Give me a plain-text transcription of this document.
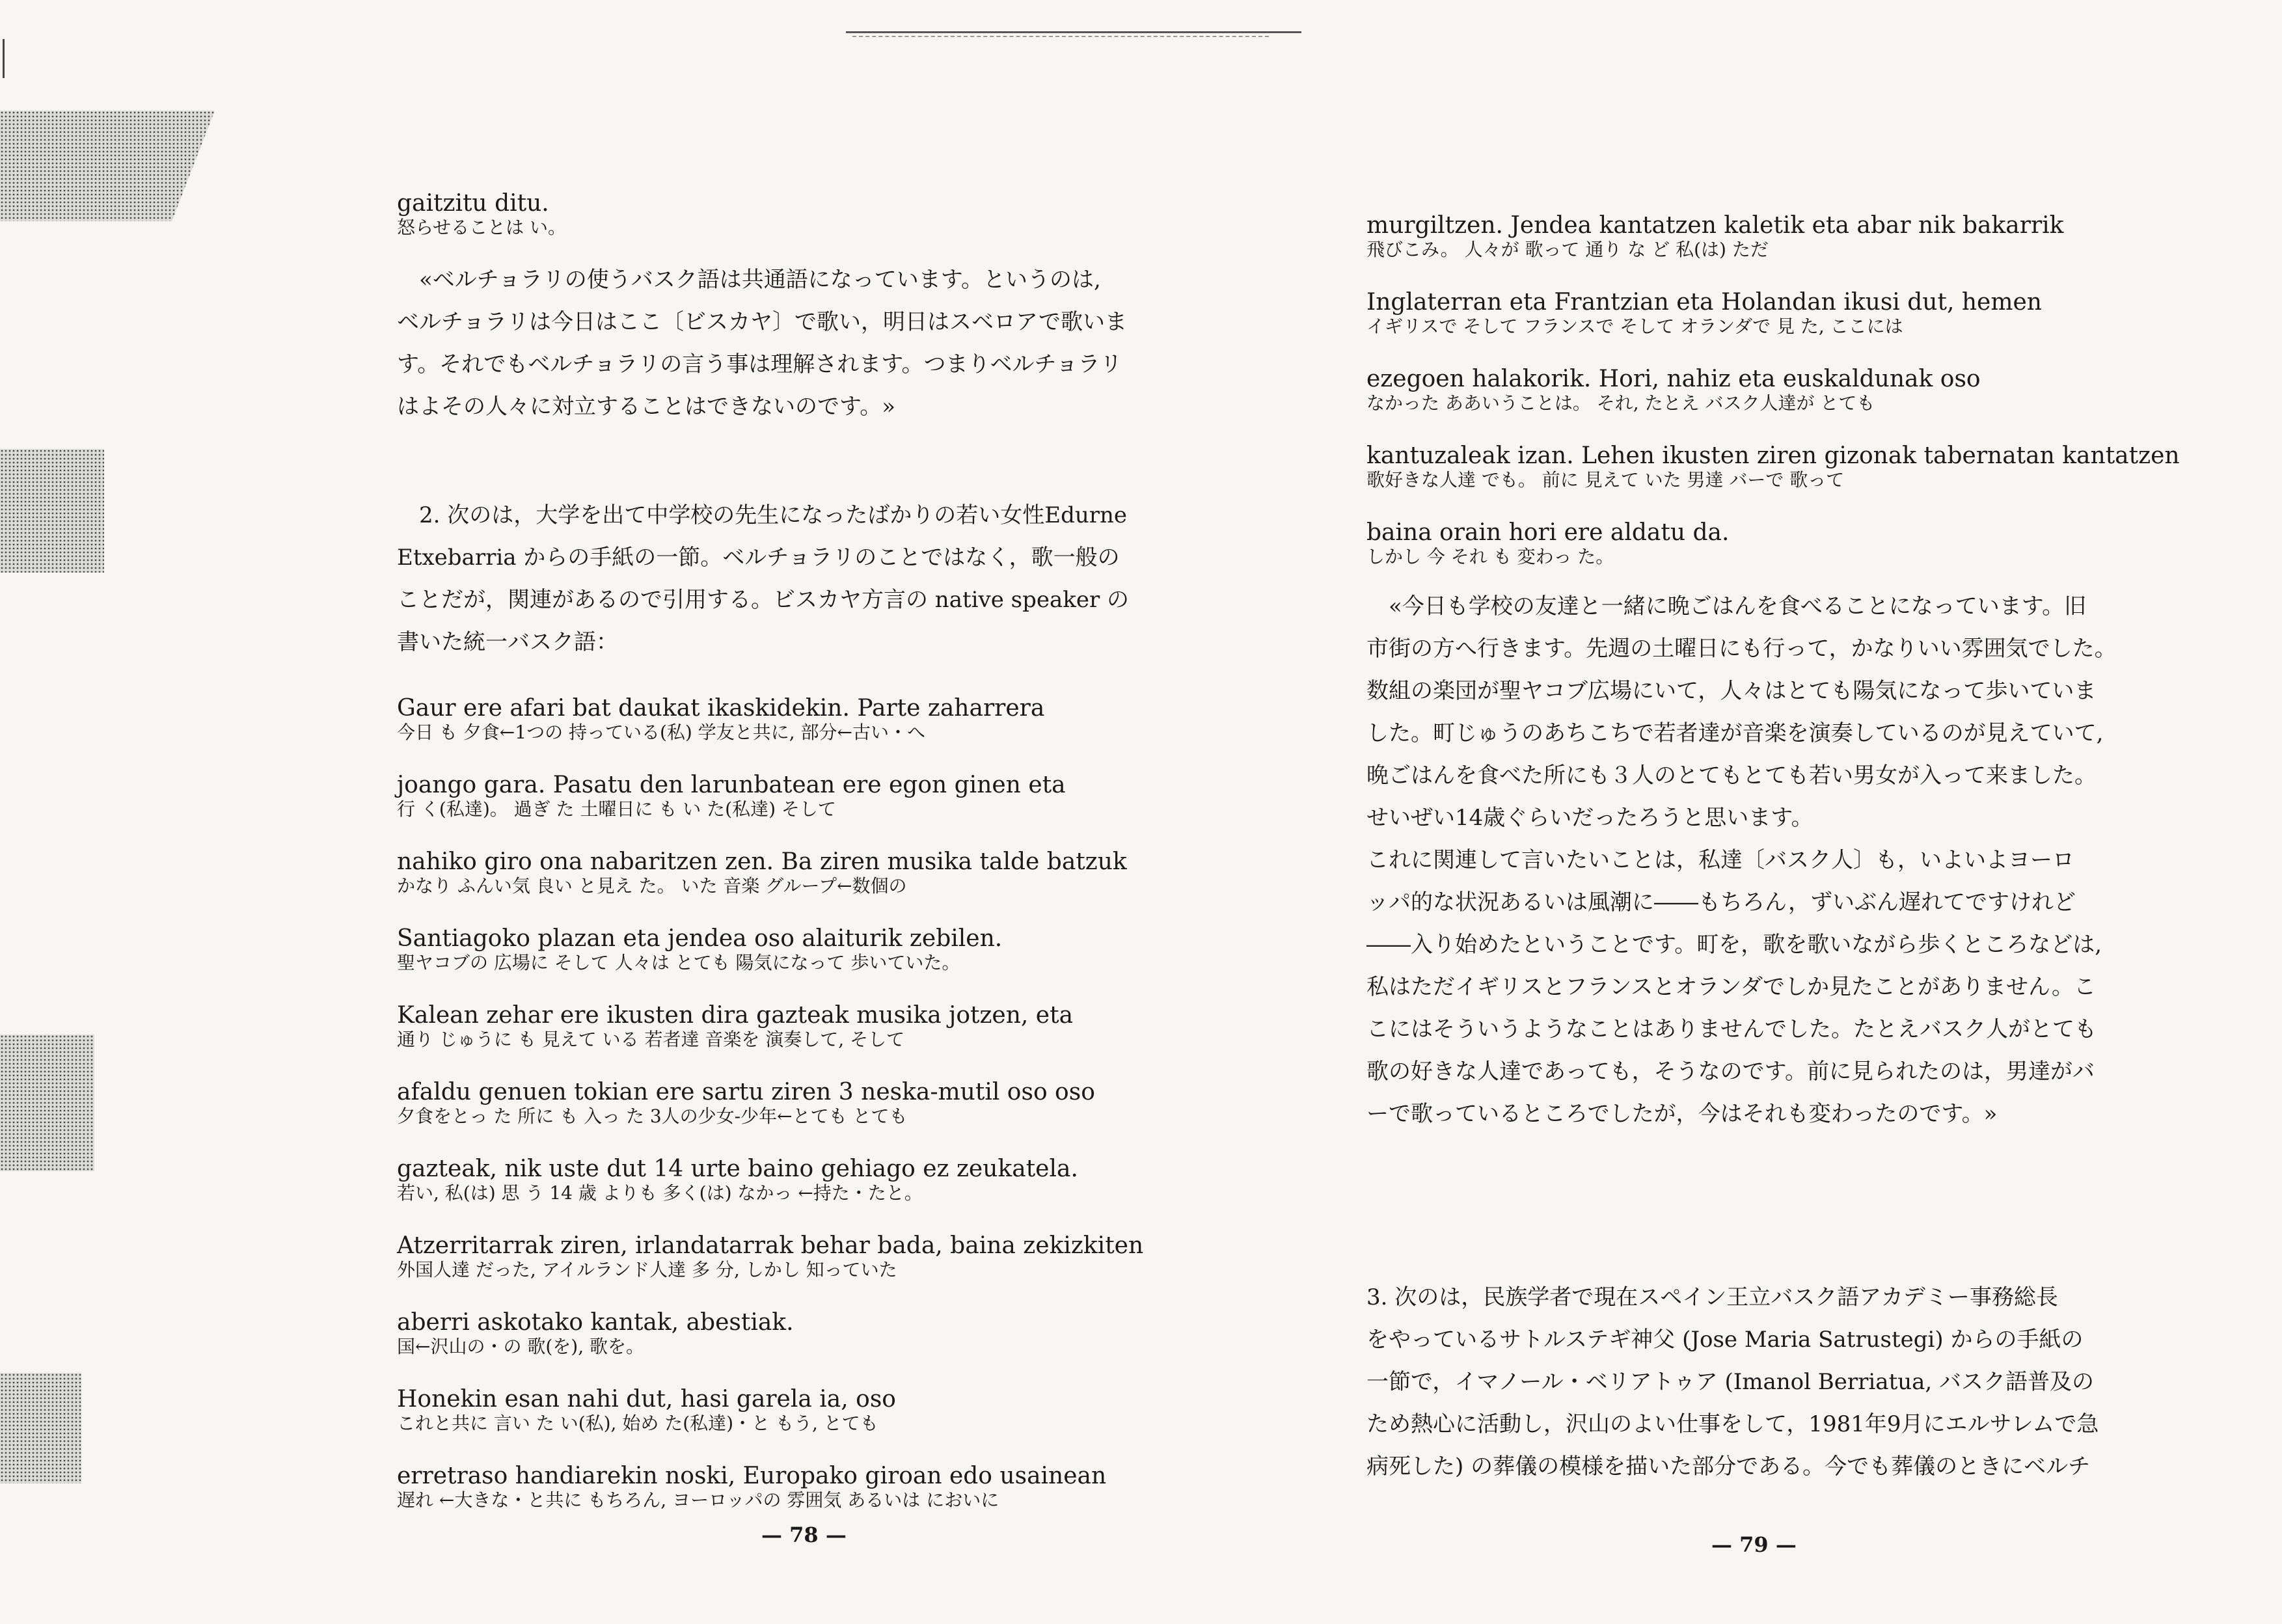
gaitzitu ditu.
怒らせることは い。

«ベルチョラリの使うバスク語は共通語になっています。というのは,

ベルチョラリは今日はここ〔ビスカヤ〕で歌い，明日はスベロアで歌いま

す。それでもベルチョラリの言う事は理解されます。つまりベルチョラリ

はよその人々に対立することはできないのです。»

2. 次のは，大学を出て中学校の先生になったばかりの若い女性Edurne

Etxebarria からの手紙の一節。ベルチョラリのことではなく，歌一般の

ことだが，関連があるので引用する。ビスカヤ方言の native speaker の

書いた統一バスク語：

Gaur ere afari bat daukat ikaskidekin. Parte zaharrera
今日 も 夕食←1つの 持っている(私) 学友と共に, 部分←古い・へ
joango gara. Pasatu den larunbatean ere egon ginen eta
行 く(私達)。 過ぎ た 土曜日に も い た(私達) そして
nahiko giro ona nabaritzen zen. Ba ziren musika talde batzuk
かなり ふんい気 良い と見え た。 いた 音楽 グループ←数個の
Santiagoko plazan eta jendea oso alaiturik zebilen.
聖ヤコブの 広場に そして 人々は とても 陽気になって 歩いていた。
Kalean zehar ere ikusten dira gazteak musika jotzen, eta
通り じゅうに も 見えて いる 若者達 音楽を 演奏して, そして
afaldu genuen tokian ere sartu ziren 3 neska-mutil oso oso
夕食をとっ た 所に も 入っ た 3人の少女-少年←とても とても
gazteak, nik uste dut 14 urte baino gehiago ez zeukatela.
若い, 私(は) 思 う 14 歳 よりも 多く(は) なかっ ←持た・たと。
Atzerritarrak ziren, irlandatarrak behar bada, baina zekizkiten
外国人達 だった, アイルランド人達 多 分, しかし 知っていた
aberri askotako kantak, abestiak.
国←沢山の・の 歌(を), 歌を。
Honekin esan nahi dut, hasi garela ia, oso
これと共に 言い た い(私), 始め た(私達)・と もう, とても
erretraso handiarekin noski, Europako giroan edo usainean
遅れ ←大きな・と共に もちろん, ヨーロッパの 雰囲気 あるいは においに
— 78 —
murgiltzen. Jendea kantatzen kaletik eta abar nik bakarrik
飛びこみ。 人々が 歌って 通り な ど 私(は) ただ
Inglaterran eta Frantzian eta Holandan ikusi dut, hemen
イギリスで そして フランスで そして オランダで 見 た, ここには
ezegoen halakorik. Hori, nahiz eta euskaldunak oso
なかった ああいうことは。 それ, たとえ バスク人達が とても
kantuzaleak izan. Lehen ikusten ziren gizonak tabernatan kantatzen
歌好きな人達 でも。 前に 見えて いた 男達 バーで 歌って
baina orain hori ere aldatu da.
しかし 今 それ も 変わっ た。

«今日も学校の友達と一緒に晩ごはんを食べることになっています。旧

市街の方へ行きます。先週の土曜日にも行って，かなりいい雰囲気でした。

数組の楽団が聖ヤコブ広場にいて，人々はとても陽気になって歩いていま

した。町じゅうのあちこちで若者達が音楽を演奏しているのが見えていて,

晩ごはんを食べた所にも３人のとてもとても若い男女が入って来ました。

せいぜい14歳ぐらいだったろうと思います。

これに関連して言いたいことは，私達〔バスク人〕も，いよいよヨーロ

ッパ的な状況あるいは風潮に――もちろん，ずいぶん遅れてですけれど

――入り始めたということです。町を，歌を歌いながら歩くところなどは,

私はただイギリスとフランスとオランダでしか見たことがありません。こ

こにはそういうようなことはありませんでした。たとえバスク人がとても

歌の好きな人達であっても，そうなのです。前に見られたのは，男達がバ

ーで歌っているところでしたが，今はそれも変わったのです。»

3. 次のは，民族学者で現在スペイン王立バスク語アカデミー事務総長

をやっているサトルステギ神父 (Jose Maria Satrustegi) からの手紙の

一節で，イマノール・ベリアトゥア (Imanol Berriatua, バスク語普及の

ため熱心に活動し，沢山のよい仕事をして，1981年9月にエルサレムで急

病死した) の葬儀の模様を描いた部分である。今でも葬儀のときにベルチ

— 79 —
